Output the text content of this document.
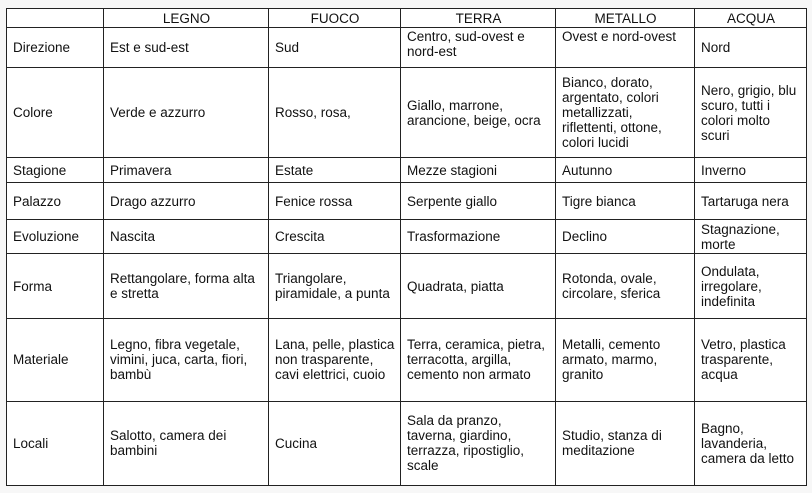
	LEGNO	FUOCO	TERRA	METALLO	ACQUA
Direzione	Est e sud-est	Sud	Centro, sud-ovest e nord-est	Ovest e nord-ovest	Nord
Colore	Verde e azzurro	Rosso, rosa,	Giallo, marrone, arancione, beige, ocra	Bianco, dorato, argentato, colori metallizzati, riflettenti, ottone, colori lucidi	Nero, grigio, blu scuro, tutti i colori molto scuri
Stagione	Primavera	Estate	Mezze stagioni	Autunno	Inverno
Palazzo	Drago azzurro	Fenice rossa	Serpente giallo	Tigre bianca	Tartaruga nera
Evoluzione	Nascita	Crescita	Trasformazione	Declino	Stagnazione, morte
Forma	Rettangolare, forma alta e stretta	Triangolare, piramidale, a punta	Quadrata, piatta	Rotonda, ovale, circolare, sferica	Ondulata, irregolare, indefinita
Materiale	Legno, fibra vegetale, vimini, juca, carta, fiori, bambù	Lana, pelle, plastica non trasparente, cavi elettrici, cuoio	Terra, ceramica, pietra, terracotta, argilla, cemento non armato	Metalli, cemento armato, marmo, granito	Vetro, plastica trasparente, acqua
Locali	Salotto, camera dei bambini	Cucina	Sala da pranzo, taverna, giardino, terrazza, ripostiglio, scale	Studio, stanza di meditazione	Bagno, lavanderia, camera da letto
